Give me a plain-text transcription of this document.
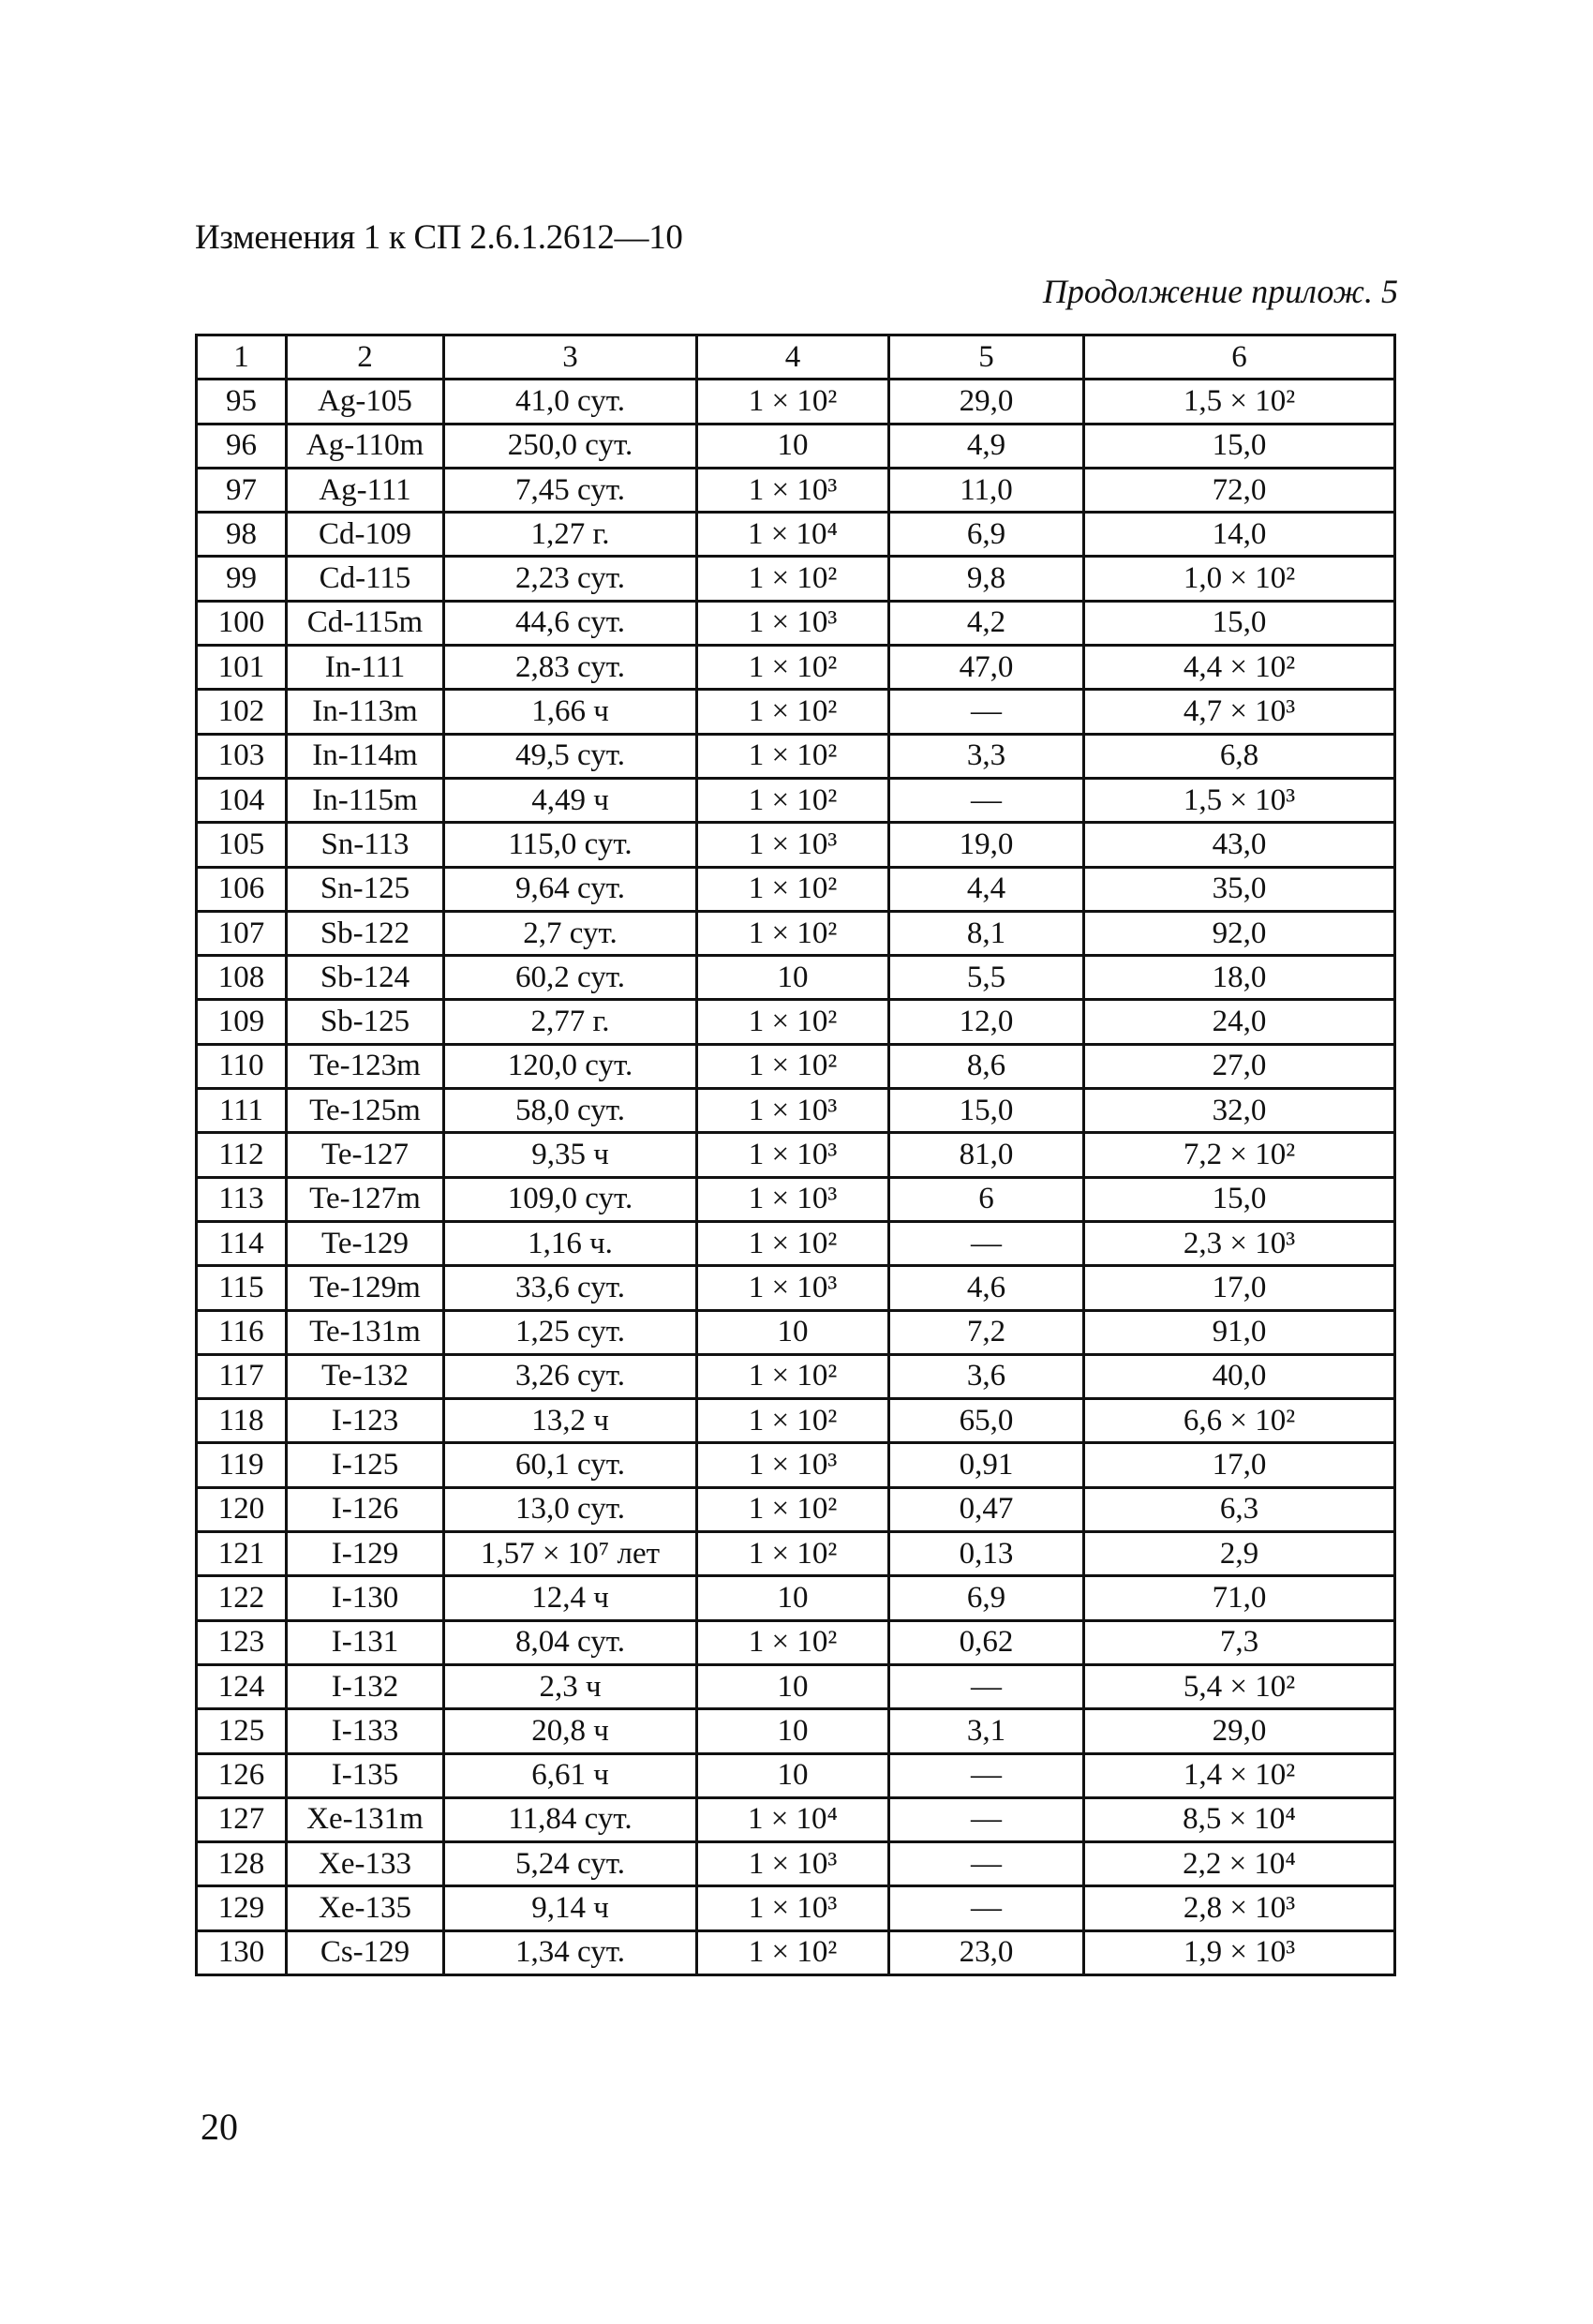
Изменения 1 к СП 2.6.1.2612—10
Продолжение прилож. 5
1	2	3	4	5	6
95	Ag-105	41,0 сут.	1 × 10²	29,0	1,5 × 10²
96	Ag-110m	250,0 сут.	10	4,9	15,0
97	Ag-111	7,45 сут.	1 × 10³	11,0	72,0
98	Cd-109	1,27 г.	1 × 10⁴	6,9	14,0
99	Cd-115	2,23 сут.	1 × 10²	9,8	1,0 × 10²
100	Cd-115m	44,6 сут.	1 × 10³	4,2	15,0
101	In-111	2,83 сут.	1 × 10²	47,0	4,4 × 10²
102	In-113m	1,66 ч	1 × 10²	—	4,7 × 10³
103	In-114m	49,5 сут.	1 × 10²	3,3	6,8
104	In-115m	4,49 ч	1 × 10²	—	1,5 × 10³
105	Sn-113	115,0 сут.	1 × 10³	19,0	43,0
106	Sn-125	9,64 сут.	1 × 10²	4,4	35,0
107	Sb-122	2,7 сут.	1 × 10²	8,1	92,0
108	Sb-124	60,2 сут.	10	5,5	18,0
109	Sb-125	2,77 г.	1 × 10²	12,0	24,0
110	Te-123m	120,0 сут.	1 × 10²	8,6	27,0
111	Te-125m	58,0 сут.	1 × 10³	15,0	32,0
112	Te-127	9,35 ч	1 × 10³	81,0	7,2 × 10²
113	Te-127m	109,0 сут.	1 × 10³	6	15,0
114	Te-129	1,16 ч.	1 × 10²	—	2,3 × 10³
115	Te-129m	33,6 сут.	1 × 10³	4,6	17,0
116	Te-131m	1,25 сут.	10	7,2	91,0
117	Te-132	3,26 сут.	1 × 10²	3,6	40,0
118	I-123	13,2 ч	1 × 10²	65,0	6,6 × 10²
119	I-125	60,1 сут.	1 × 10³	0,91	17,0
120	I-126	13,0 сут.	1 × 10²	0,47	6,3
121	I-129	1,57 × 10⁷ лет	1 × 10²	0,13	2,9
122	I-130	12,4 ч	10	6,9	71,0
123	I-131	8,04 сут.	1 × 10²	0,62	7,3
124	I-132	2,3 ч	10	—	5,4 × 10²
125	I-133	20,8 ч	10	3,1	29,0
126	I-135	6,61 ч	10	—	1,4 × 10²
127	Xe-131m	11,84 сут.	1 × 10⁴	—	8,5 × 10⁴
128	Xe-133	5,24 сут.	1 × 10³	—	2,2 × 10⁴
129	Xe-135	9,14 ч	1 × 10³	—	2,8 × 10³
130	Cs-129	1,34 сут.	1 × 10²	23,0	1,9 × 10³
20
